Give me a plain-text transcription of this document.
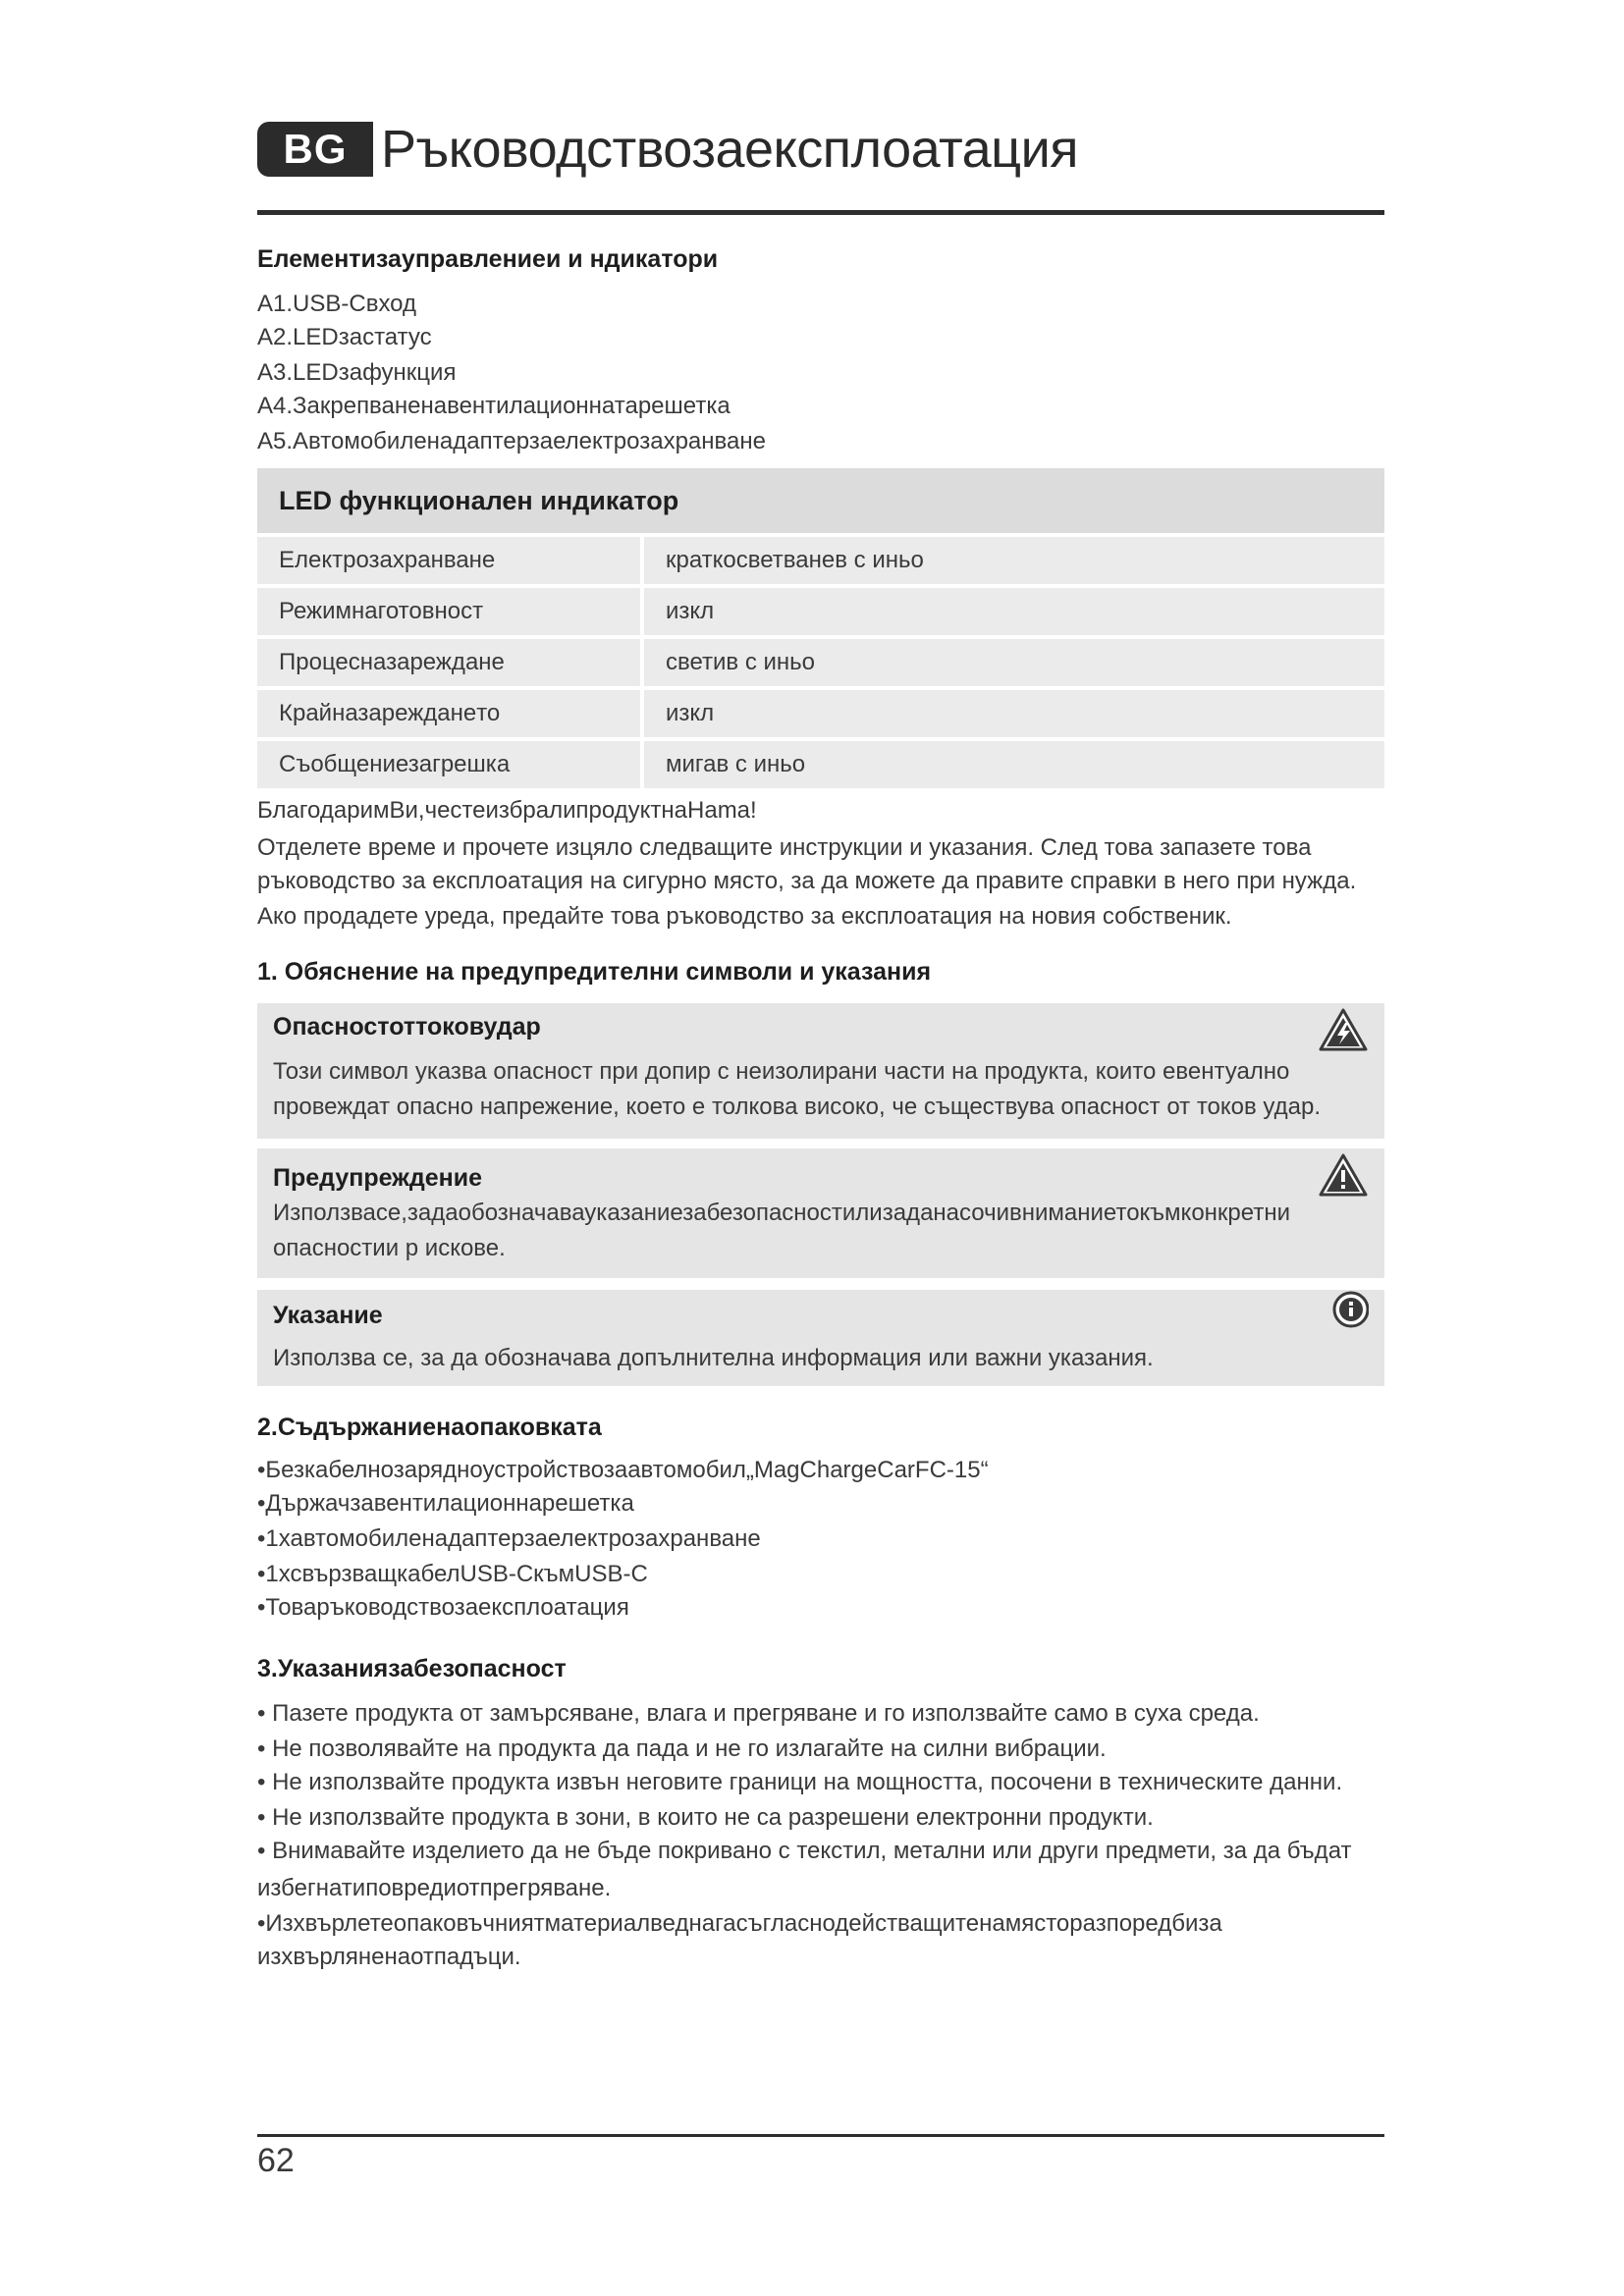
BG Ръководствозаексплоатация
Елементизауправлениеи и ндикатори
A1.USB-Свход
A2.LEDзастатус
A3.LEDзафункция
A4.Закрепваненавентилационнатарешетка
A5.Автомобиленадаптерзаелектрозахранване
LED функционален индикатор
Електрозахранване	краткосветванев с иньо
Режимнаготовност	изкл
Процесназареждане	светив с иньо
Крайназарежданeто	изкл
Съобщениезагрешка	мигав с иньо
БлагодаримВи,честеизбралипродуктнаHama!
Отделете време и прочете изцяло следващите инструкции и указания. След това запазете това
ръководство за експлоатация на сигурно място, за да можете да правите справки в него при нужда.
Ако продадете уреда, предайте това ръководство за експлоатация на новия собственик.
1. Обяснение на предупредителни символи и указания
Опасностоттоковудар
Този символ указва опасност при допир с неизолирани части на продукта, които евентуално
провеждат опасно напрежение, което е толкова високо, че съществува опасност от токов удар.
Предупреждение
Използвасе,задаобозначавауказаниезабезопасностилизаданасочивниманиетокъмконкретни
опасностии р искове.
Указание
Използва се, за да обозначава допълнителна информация или важни указания.
2.Съдържаниенаопаковката
•Безкабелнозарядноустройствозаавтомобил„MagChargeCarFC-15“
•Държачзавентилационнарешетка
•1хавтомобиленадаптерзаелектрозахранване
•1хсвързващкабелUSB-СкъмUSB-C
•Товаръководствозаексплоатация
3.Указаниязабезопасност
• Пазете продукта от замърсяване, влага и прегряване и го използвайте само в суха среда.
• Не позволявайте на продукта да пада и не го излагайте на силни вибрации.
• Не използвайте продукта извън неговите граници на мощността, посочени в техническите данни.
• Не използвайте продукта в зони, в които не са разрешени електронни продукти.
• Внимавайте изделието да не бъде покривано с текстил, метални или други предмети, за да бъдат
избегнатиповредиотпрегряване.
•Изхвърлетеопаковъчниятматериалведнагасъгласнодействащитенамясторазпоредбиза
изхвърляненаотпадъци.
62
